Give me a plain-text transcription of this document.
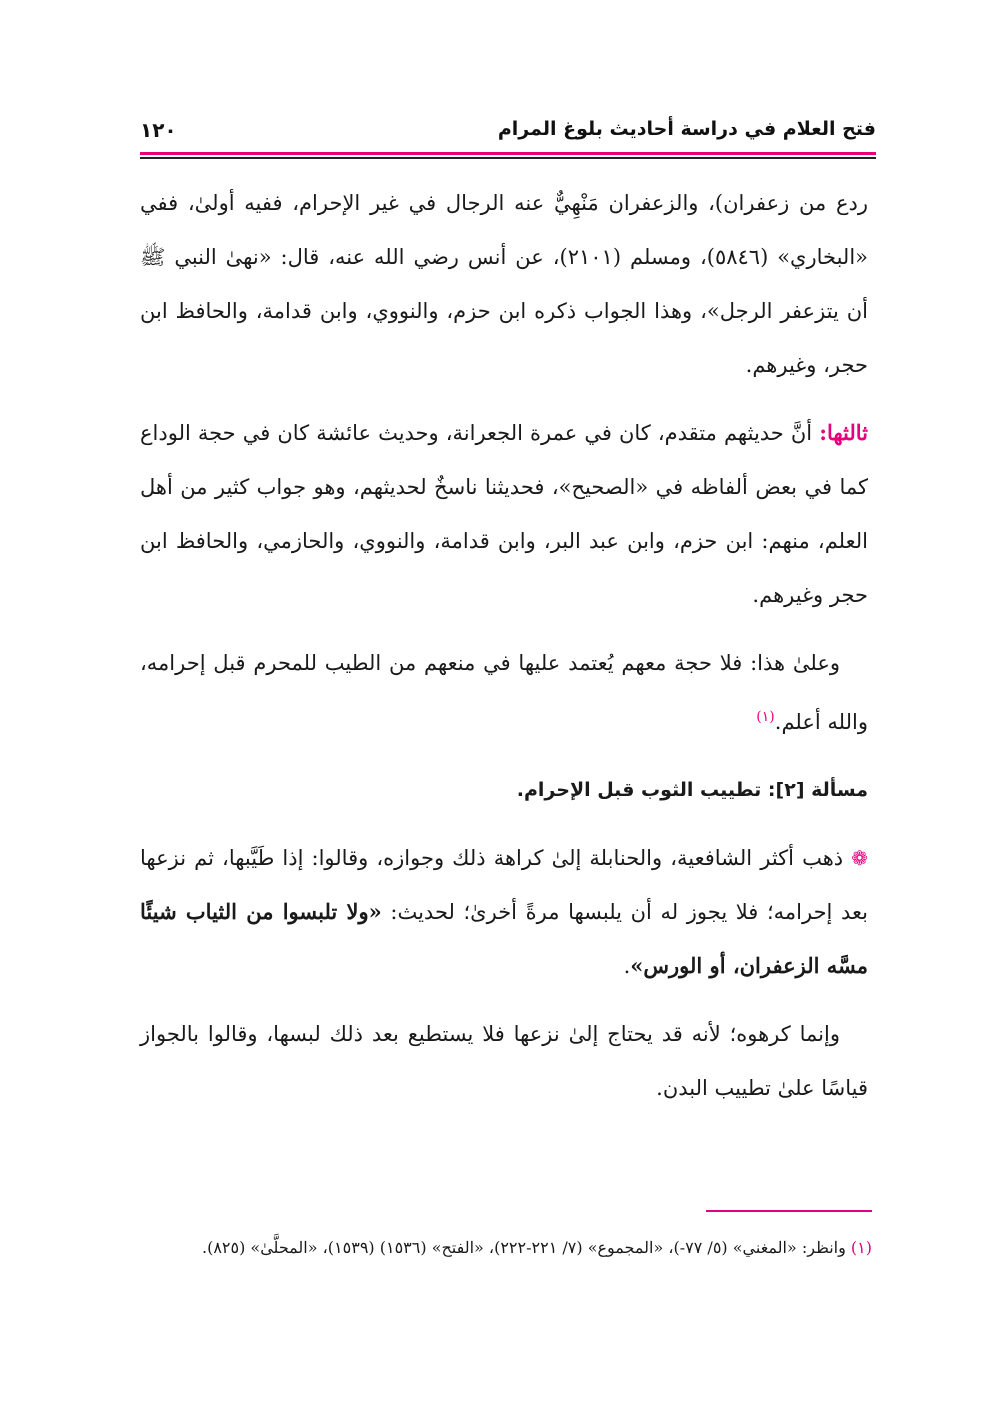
فتح العلام في دراسة أحاديث بلوغ المرام
١٢٠

ردع من زعفران)، والزعفران مَنْهِيٌّ عنه الرجال في غير الإحرام، ففيه أولىٰ، ففي «البخاري» (٥٨٤٦)، ومسلم (٢١٠١)، عن أنس رضي الله عنه، قال: «نهىٰ النبي ﷺ أن يتزعفر الرجل»، وهذا الجواب ذكره ابن حزم، والنووي، وابن قدامة، والحافظ ابن حجر، وغيرهم.

ثالثها: أنَّ حديثهم متقدم، كان في عمرة الجعرانة، وحديث عائشة كان في حجة الوداع كما في بعض ألفاظه في «الصحيح»، فحديثنا ناسخٌ لحديثهم، وهو جواب كثير من أهل العلم، منهم: ابن حزم، وابن عبد البر، وابن قدامة، والنووي، والحازمي، والحافظ ابن حجر وغيرهم.

وعلىٰ هذا: فلا حجة معهم يُعتمد عليها في منعهم من الطيب للمحرم قبل إحرامه، والله أعلم.$^{(١)}$

مسألة [٢]: تطييب الثوب قبل الإحرام.

❁ ذهب أكثر الشافعية، والحنابلة إلىٰ كراهة ذلك وجوازه، وقالوا: إذا طَيَّبها، ثم نزعها بعد إحرامه؛ فلا يجوز له أن يلبسها مرةً أخرىٰ؛ لحديث: «ولا تلبسوا من الثياب شيئًا مسَّه الزعفران، أو الورس».

وإنما كرهوه؛ لأنه قد يحتاج إلىٰ نزعها فلا يستطيع بعد ذلك لبسها، وقالوا بالجواز قياسًا علىٰ تطييب البدن.

(١) وانظر: «المغني» (٥/ ٧٧-)، «المجموع» (٧/ ٢٢١-٢٢٢)، «الفتح» (١٥٣٦) (١٥٣٩)، «المحلَّىٰ» (٨٢٥).
